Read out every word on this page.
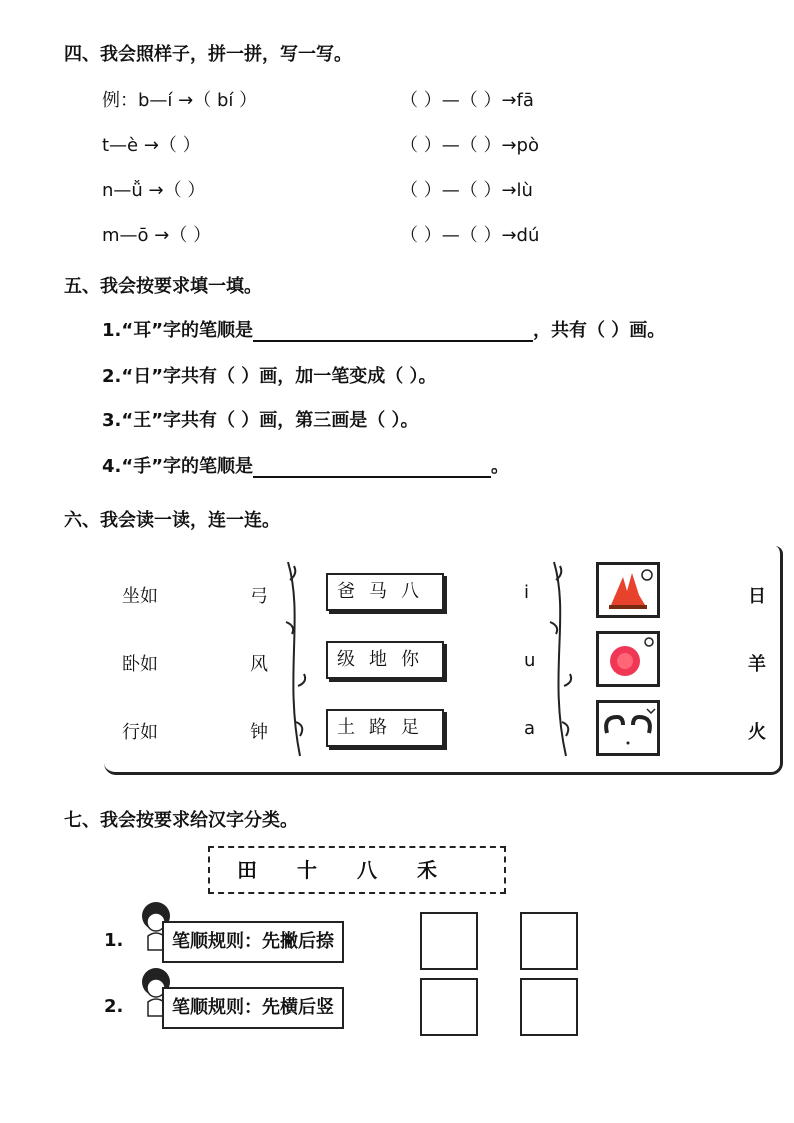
四、我会照样子，拼一拼，写一写。
例：b—í →（ bí ）
t—è →（ ）
n—ǚ →（ ）
m—ō →（ ）
（ ）—（ ）→fā
（ ）—（ ）→pò
（ ）—（ ）→lù
（ ）—（ ）→dú
五、我会按要求填一填。
1.“耳”字的笔顺是	，共有（ ）画。
2.“日”字共有（ ）画，加一笔变成（ ）。
3.“王”字共有（ ）画，第三画是（ ）。
4.“手”字的笔顺是	。
六、我会读一读，连一连。
坐如
卧如
行如
弓
风
钟
爸马八
级地你
土路足
i
u
a
日
羊
火
七、我会按要求给汉字分类。
田十八禾
1.	笔顺规则：先撇后捺
2.	笔顺规则：先横后竖
